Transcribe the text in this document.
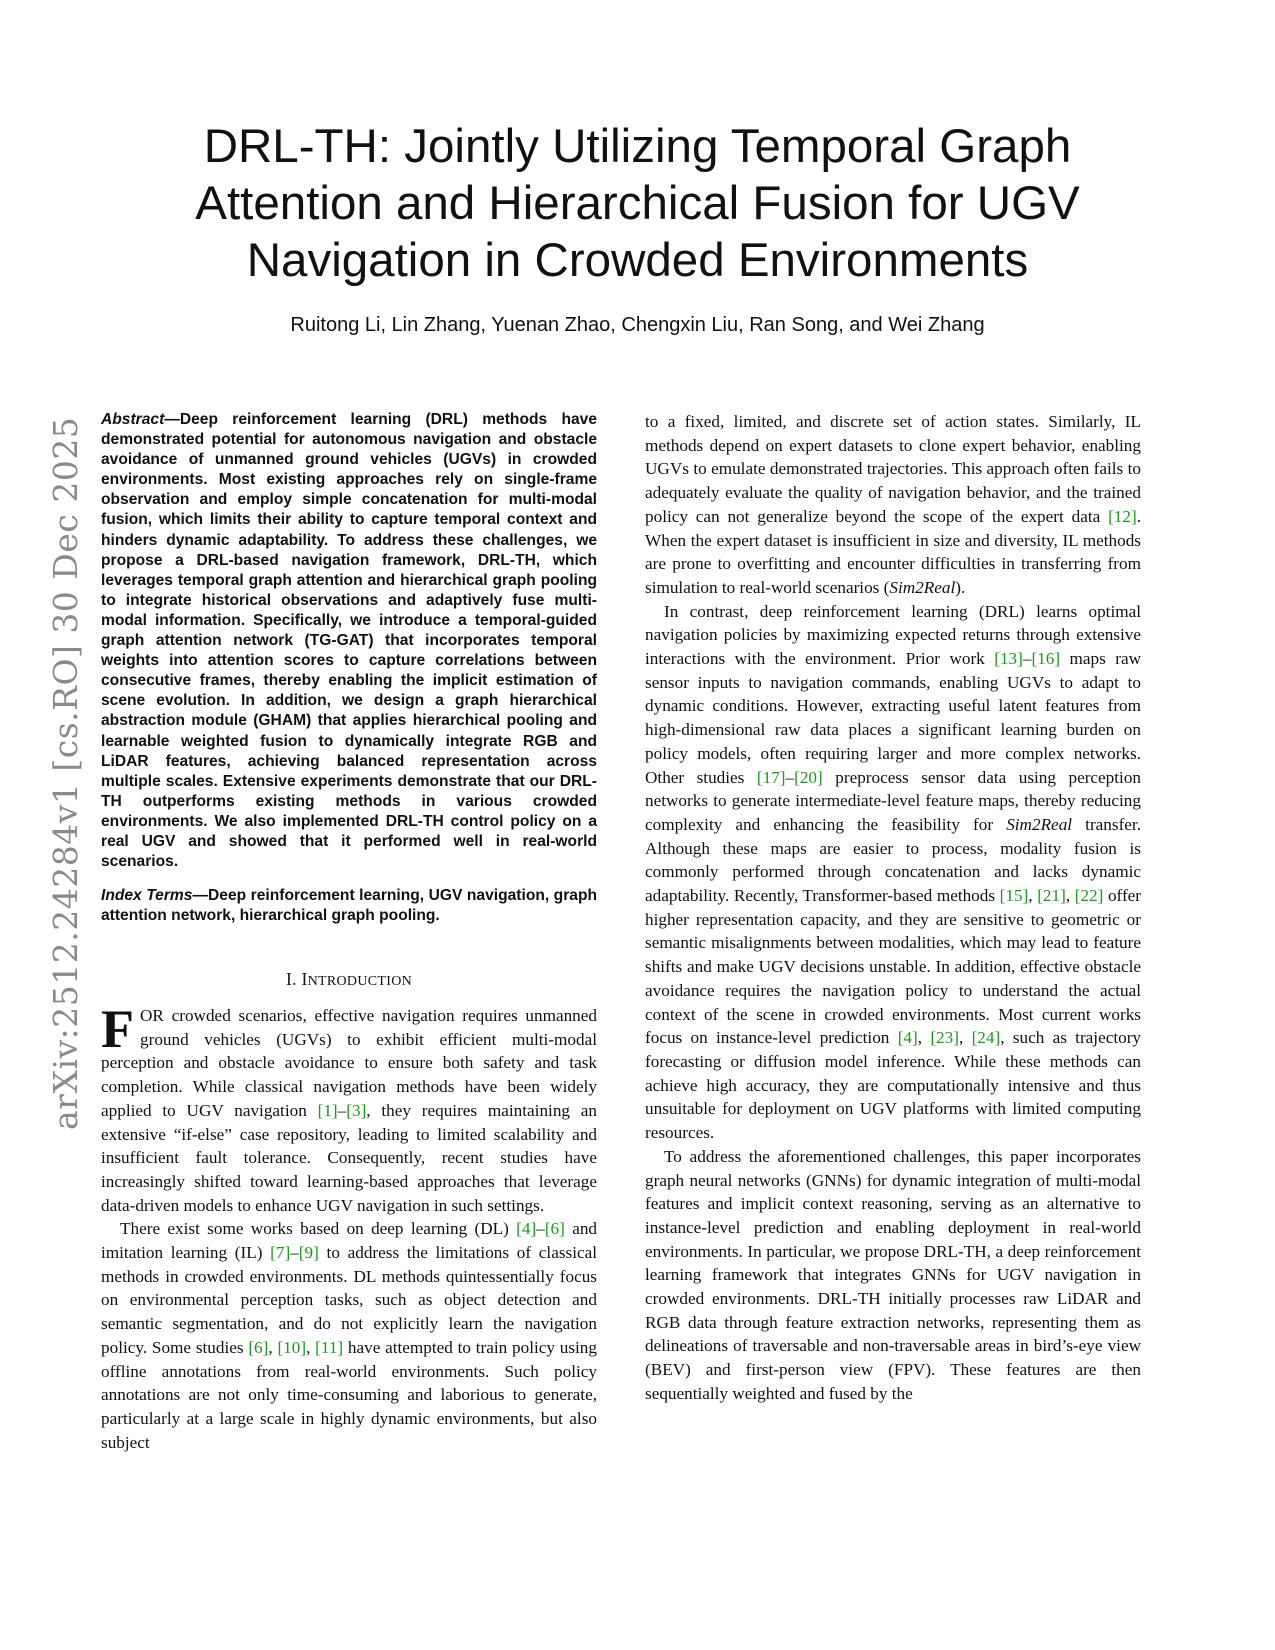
arXiv:2512.24284v1 [cs.RO] 30 Dec 2025
DRL-TH: Jointly Utilizing Temporal Graph
Attention and Hierarchical Fusion for UGV
Navigation in Crowded Environments
Ruitong Li, Lin Zhang, Yuenan Zhao, Chengxin Liu, Ran Song, and Wei Zhang

Abstract—Deep reinforcement learning (DRL) methods have demonstrated potential for autonomous navigation and obstacle avoidance of unmanned ground vehicles (UGVs) in crowded environments. Most existing approaches rely on single-frame observation and employ simple concatenation for multi-modal fusion, which limits their ability to capture temporal context and hinders dynamic adaptability. To address these challenges, we propose a DRL-based navigation framework, DRL-TH, which leverages temporal graph attention and hierarchical graph pooling to integrate historical observations and adaptively fuse multi-modal information. Specifically, we introduce a temporal-guided graph attention network (TG-GAT) that incorporates temporal weights into attention scores to capture correlations between consecutive frames, thereby enabling the implicit estimation of scene evolution. In addition, we design a graph hierarchical abstraction module (GHAM) that applies hierarchical pooling and learnable weighted fusion to dynamically integrate RGB and LiDAR features, achieving balanced representation across multiple scales. Extensive experiments demonstrate that our DRL-TH outperforms existing methods in various crowded environments. We also implemented DRL-TH control policy on a real UGV and showed that it performed well in real-world scenarios.

Index Terms—Deep reinforcement learning, UGV navigation, graph attention network, hierarchical graph pooling.

I. INTRODUCTION

FOR crowded scenarios, effective navigation requires unmanned ground vehicles (UGVs) to exhibit efficient multi-modal perception and obstacle avoidance to ensure both safety and task completion. While classical navigation methods have been widely applied to UGV navigation [1]–[3], they requires maintaining an extensive “if-else” case repository, leading to limited scalability and insufficient fault tolerance. Consequently, recent studies have increasingly shifted toward learning-based approaches that leverage data-driven models to enhance UGV navigation in such settings.

There exist some works based on deep learning (DL) [4]–[6] and imitation learning (IL) [7]–[9] to address the limitations of classical methods in crowded environments. DL methods quintessentially focus on environmental perception tasks, such as object detection and semantic segmentation, and do not explicitly learn the navigation policy. Some studies [6], [10], [11] have attempted to train policy using offline annotations from real-world environments. Such policy annotations are not only time-consuming and laborious to generate, particularly at a large scale in highly dynamic environments, but also subject

to a fixed, limited, and discrete set of action states. Similarly, IL methods depend on expert datasets to clone expert behavior, enabling UGVs to emulate demonstrated trajectories. This approach often fails to adequately evaluate the quality of navigation behavior, and the trained policy can not generalize beyond the scope of the expert data [12]. When the expert dataset is insufficient in size and diversity, IL methods are prone to overfitting and encounter difficulties in transferring from simulation to real-world scenarios (Sim2Real).

In contrast, deep reinforcement learning (DRL) learns optimal navigation policies by maximizing expected returns through extensive interactions with the environment. Prior work [13]–[16] maps raw sensor inputs to navigation commands, enabling UGVs to adapt to dynamic conditions. However, extracting useful latent features from high-dimensional raw data places a significant learning burden on policy models, often requiring larger and more complex networks. Other studies [17]–[20] preprocess sensor data using perception networks to generate intermediate-level feature maps, thereby reducing complexity and enhancing the feasibility for Sim2Real transfer. Although these maps are easier to process, modality fusion is commonly performed through concatenation and lacks dynamic adaptability. Recently, Transformer-based methods [15], [21], [22] offer higher representation capacity, and they are sensitive to geometric or semantic misalignments between modalities, which may lead to feature shifts and make UGV decisions unstable. In addition, effective obstacle avoidance requires the navigation policy to understand the actual context of the scene in crowded environments. Most current works focus on instance-level prediction [4], [23], [24], such as trajectory forecasting or diffusion model inference. While these methods can achieve high accuracy, they are computationally intensive and thus unsuitable for deployment on UGV platforms with limited computing resources.

To address the aforementioned challenges, this paper incorporates graph neural networks (GNNs) for dynamic integration of multi-modal features and implicit context reasoning, serving as an alternative to instance-level prediction and enabling deployment in real-world environments. In particular, we propose DRL-TH, a deep reinforcement learning framework that integrates GNNs for UGV navigation in crowded environments. DRL-TH initially processes raw LiDAR and RGB data through feature extraction networks, representing them as delineations of traversable and non-traversable areas in bird’s-eye view (BEV) and first-person view (FPV). These features are then sequentially weighted and fused by the
